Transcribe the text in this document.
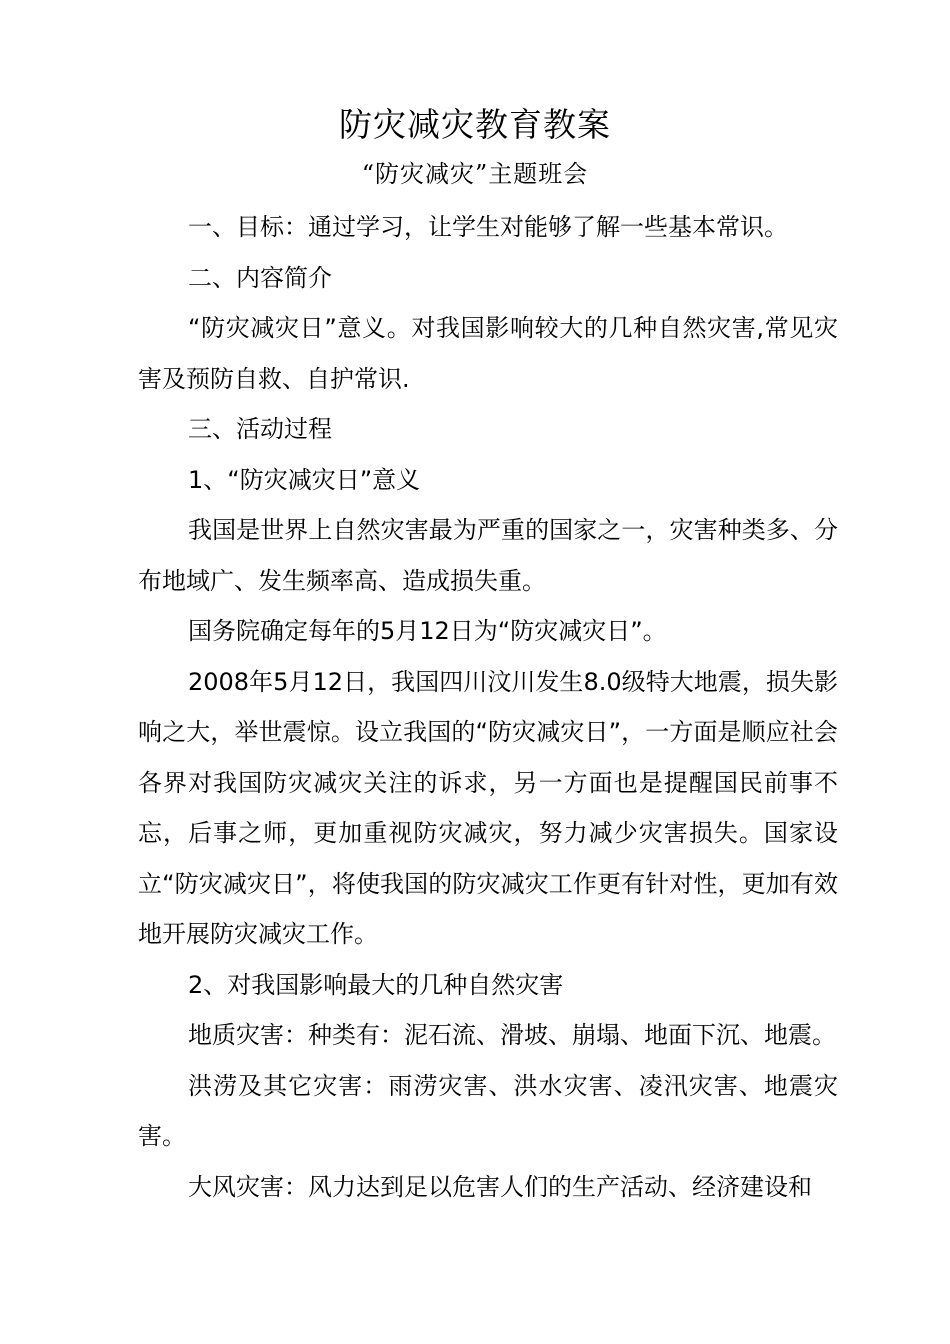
防灾减灾教育教案
“防灾减灾”主题班会

一、目标：通过学习，让学生对能够了解一些基本常识。

二、内容简介

“防灾减灾日”意义。对我国影响较大的几种自然灾害,常见灾害及预防自救、自护常识.

三、活动过程

1、“防灾减灾日”意义

我国是世界上自然灾害最为严重的国家之一，灾害种类多、分布地域广、发生频率高、造成损失重。

国务院确定每年的5月12日为“防灾减灾日”。

2008年5月12日，我国四川汶川发生8.0级特大地震，损失影响之大，举世震惊。设立我国的“防灾减灾日”，一方面是顺应社会各界对我国防灾减灾关注的诉求，另一方面也是提醒国民前事不忘，后事之师，更加重视防灾减灾，努力减少灾害损失。国家设立“防灾减灾日”，将使我国的防灾减灾工作更有针对性，更加有效地开展防灾减灾工作。

2、对我国影响最大的几种自然灾害

地质灾害：种类有：泥石流、滑坡、崩塌、地面下沉、地震。

洪涝及其它灾害：雨涝灾害、洪水灾害、凌汛灾害、地震灾害。

大风灾害：风力达到足以危害人们的生产活动、经济建设和
